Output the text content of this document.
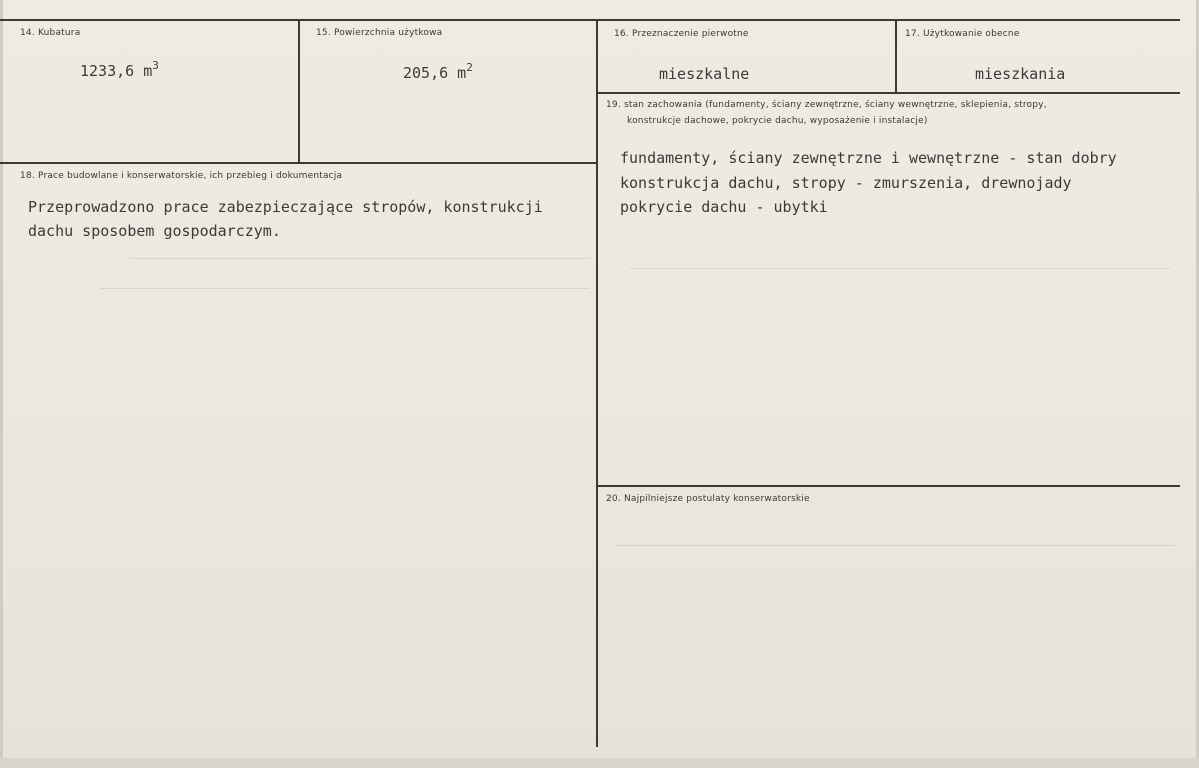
14. Kubatura
1233,6 $m^3$
15. Powierzchnia użytkowa
205,6 $m^2$
16. Przeznaczenie pierwotne
mieszkalne
17. Użytkowanie obecne
mieszkania
18. Prace budowlane i konserwatorskie, ich przebieg i dokumentacja
Przeprowadzono prace zabezpieczające stropów, konstrukcji
dachu sposobem gospodarczym.
19. stan zachowania (fundamenty, ściany zewnętrzne, ściany wewnętrzne, sklepienia, stropy,
konstrukcje dachowe, pokrycie dachu, wyposażenie i instalacje)
fundamenty, ściany zewnętrzne i wewnętrzne - stan dobry
konstrukcja dachu, stropy - zmurszenia, drewnojady
pokrycie dachu - ubytki
20. Najpilniejsze postulaty konserwatorskie
